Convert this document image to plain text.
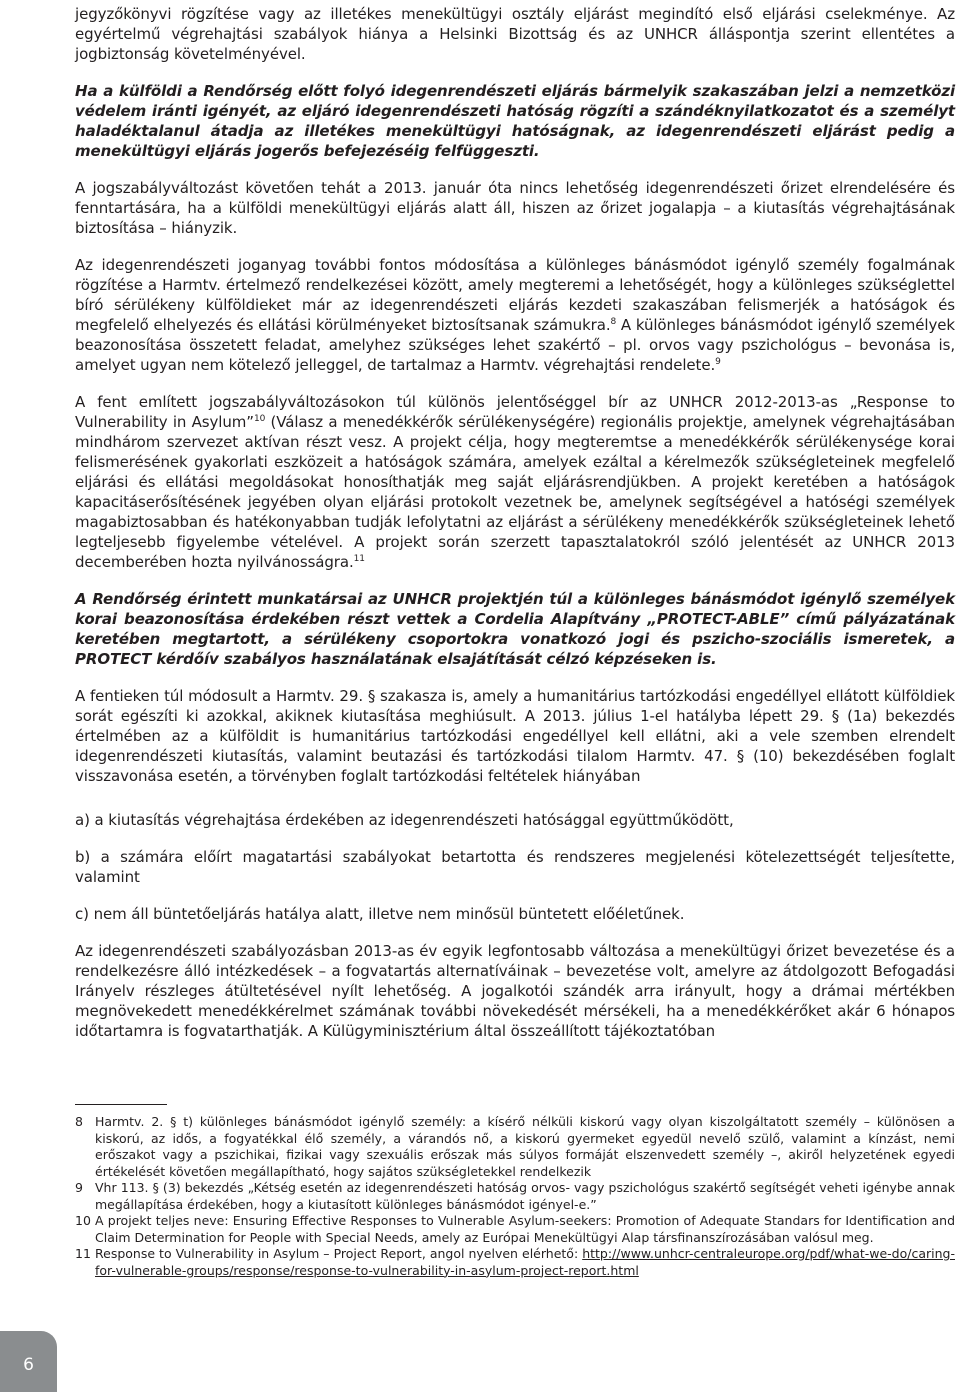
jegyzőkönyvi rögzítése vagy az illetékes menekültügyi osztály eljárást megindító első eljárási cselekménye. Az egyértelmű végrehajtási szabályok hiánya a Helsinki Bizottság és az UNHCR álláspontja szerint ellentétes a jogbiztonság követelményével.

Ha a külföldi a Rendőrség előtt folyó idegenrendészeti eljárás bármelyik szakaszában jelzi a nemzetközi védelem iránti igényét, az eljáró idegenrendészeti hatóság rögzíti a szándéknyilatkozatot és a személyt haladéktalanul átadja az illetékes menekültügyi hatóságnak, az idegenrendészeti eljárást pedig a menekültügyi eljárás jogerős befejezéséig felfüggeszti.

A jogszabályváltozást követően tehát a 2013. január óta nincs lehetőség idegenrendészeti őrizet elrendelésére és fenntartására, ha a külföldi menekültügyi eljárás alatt áll, hiszen az őrizet jogalapja – a kiutasítás végrehajtásának biztosítása – hiányzik.

Az idegenrendészeti joganyag további fontos módosítása a különleges bánásmódot igénylő személy fogalmának rögzítése a Harmtv. értelmező rendelkezései között, amely megteremi a lehetőségét, hogy a különleges szükséglettel bíró sérülékeny külföldieket már az idegenrendészeti eljárás kezdeti szakaszában felismerjék a hatóságok és megfelelő elhelyezés és ellátási körülményeket biztosítsanak számukra.$^8$ A különleges bánásmódot igénylő személyek beazonosítása összetett feladat, amelyhez szükséges lehet szakértő – pl. orvos vagy pszichológus – bevonása is, amelyet ugyan nem kötelező jelleggel, de tartalmaz a Harmtv. végrehajtási rendelete.$^9$

A fent említett jogszabályváltozásokon túl különös jelentőséggel bír az UNHCR 2012-2013-as „Response to Vulnerability in Asylum”$^{10}$ (Válasz a menedékkérők sérülékenységére) regionális projektje, amelynek végrehajtásában mindhárom szervezet aktívan részt vesz. A projekt célja, hogy megteremtse a menedékkérők sérülékenysége korai felismerésének gyakorlati eszközeit a hatóságok számára, amelyek ezáltal a kérelmezők szükségleteinek megfelelő eljárási és ellátási megoldásokat honosíthatják meg saját eljárásrendjükben. A projekt keretében a hatóságok kapacitáserősítésének jegyében olyan eljárási protokolt vezetnek be, amelynek segítségével a hatóségi személyek magabiztosabban és hatékonyabban tudják lefolytatni az eljárást a sérülékeny menedékkérők szükségleteinek lehető legteljesebb figyelembe vételével. A projekt során szerzett tapasztalatokról szóló jelentését az UNHCR 2013 decemberében hozta nyilvánosságra.$^{11}$

A Rendőrség érintett munkatársai az UNHCR projektjén túl a különleges bánásmódot igénylő személyek korai beazonosítása érdekében részt vettek a Cordelia Alapítvány „PROTECT-ABLE” című pályázatának keretében megtartott, a sérülékeny csoportokra vonatkozó jogi és pszicho-szociális ismeretek, a PROTECT kérdőív szabályos használatának elsajátítását célzó képzéseken is.

A fentieken túl módosult a Harmtv. 29. § szakasza is, amely a humanitárius tartózkodási engedéllyel ellátott külföldiek sorát egészíti ki azokkal, akiknek kiutasítása meghiúsult. A 2013. július 1-el hatályba lépett 29. § (1a) bekezdés értelmében az a külföldit is humanitárius tartózkodási engedéllyel kell ellátni, aki a vele szemben elrendelt idegenrendészeti kiutasítás, valamint beutazási és tartózkodási tilalom Harmtv. 47. § (10) bekezdésében foglalt visszavonása esetén, a törvényben foglalt tartózkodási feltételek hiányában

a) a kiutasítás végrehajtása érdekében az idegenrendészeti hatósággal együttműködött,

b) a számára előírt magatartási szabályokat betartotta és rendszeres megjelenési kötelezettségét teljesítette, valamint

c) nem áll büntetőeljárás hatálya alatt, illetve nem minősül büntetett előéletűnek.

Az idegenrendészeti szabályozásban 2013-as év egyik legfontosabb változása a menekültügyi őrizet bevezetése és a rendelkezésre álló intézkedések – a fogvatartás alternatíváinak – bevezetése volt, amelyre az átdolgozott Befogadási Irányelv részleges átültetésével nyílt lehetőség. A jogalkotói szándék arra irányult, hogy a drámai mértékben megnövekedett menedékkérelmet számának további növekedését mérsékeli, ha a menedékkérőket akár 6 hónapos időtartamra is fogvatarthatják. A Külügyminisztérium által összeállított tájékoztatóban

8 Harmtv. 2. § t) különleges bánásmódot igénylő személy: a kísérő nélküli kiskorú vagy olyan kiszolgáltatott személy – különösen a kiskorú, az idős, a fogyatékkal élő személy, a várandós nő, a kiskorú gyermeket egyedül nevelő szülő, valamint a kínzást, nemi erőszakot vagy a pszichikai, fizikai vagy szexuális erőszak más súlyos formáját elszenvedett személy –, akiről helyzetének egyedi értékelését követően megállapítható, hogy sajátos szükségletekkel rendelkezik
9 Vhr 113. § (3) bekezdés „Kétség esetén az idegenrendészeti hatóság orvos- vagy pszichológus szakértő segítségét veheti igénybe annak megállapítása érdekében, hogy a kiutasított különleges bánásmódot igényel-e.”
10 A projekt teljes neve: Ensuring Effective Responses to Vulnerable Asylum-seekers: Promotion of Adequate Standars for Identification and Claim Determination for People with Special Needs, amely az Európai Menekültügyi Alap társfinanszírozásában valósul meg.
11 Response to Vulnerability in Asylum – Project Report, angol nyelven elérhető: http://www.unhcr-centraleurope.org/pdf/what-we-do/caring-for-vulnerable-groups/response/response-to-vulnerability-in-asylum-project-report.html
6
